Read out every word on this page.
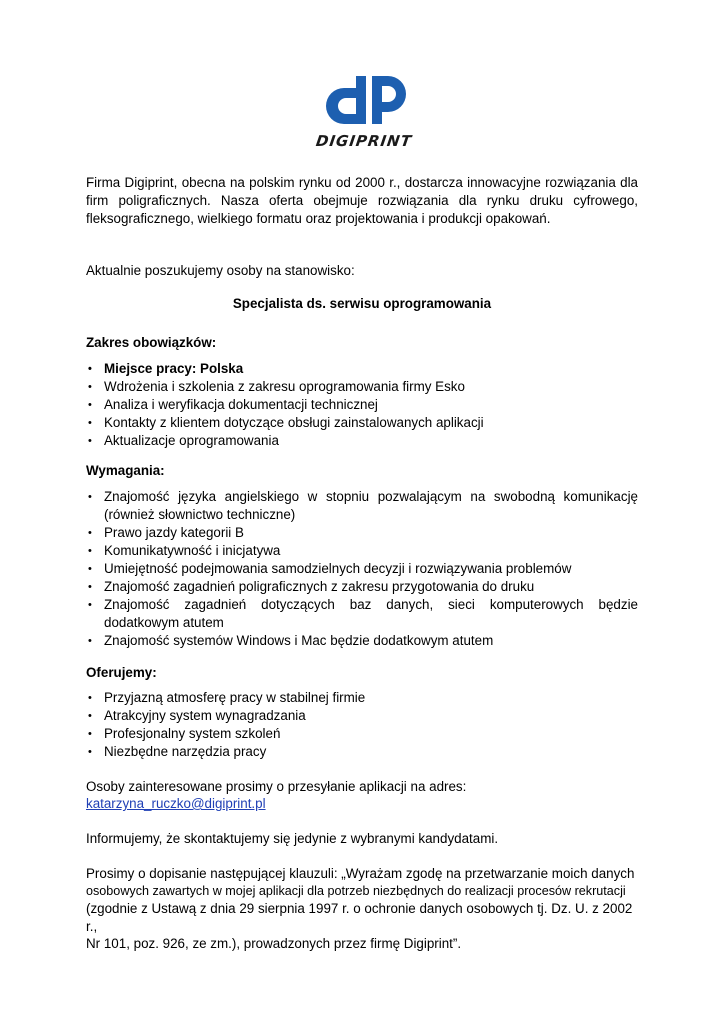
DIGIPRINT
Firma Digiprint, obecna na polskim rynku od 2000 r., dostarcza innowacyjne rozwiązania dla firm poligraficznych. Nasza oferta obejmuje rozwiązania dla rynku druku cyfrowego, fleksograficznego, wielkiego formatu oraz projektowania i produkcji opakowań.
Aktualnie poszukujemy osoby na stanowisko:
Specjalista ds. serwisu oprogramowania
Zakres obowiązków:
• Miejsce pracy: Polska
• Wdrożenia i szkolenia z zakresu oprogramowania firmy Esko
• Analiza i weryfikacja dokumentacji technicznej
• Kontakty z klientem dotyczące obsługi zainstalowanych aplikacji
• Aktualizacje oprogramowania
Wymagania:
• Znajomość języka angielskiego w stopniu pozwalającym na swobodną komunikację (również słownictwo techniczne)
• Prawo jazdy kategorii B
• Komunikatywność i inicjatywa
• Umiejętność podejmowania samodzielnych decyzji i rozwiązywania problemów
• Znajomość zagadnień poligraficznych z zakresu przygotowania do druku
• Znajomość zagadnień dotyczących baz danych, sieci komputerowych będzie dodatkowym atutem
• Znajomość systemów Windows i Mac będzie dodatkowym atutem
Oferujemy:
• Przyjazną atmosferę pracy w stabilnej firmie
• Atrakcyjny system wynagradzania
• Profesjonalny system szkoleń
• Niezbędne narzędzia pracy
Osoby zainteresowane prosimy o przesyłanie aplikacji na adres:
katarzyna_ruczko@digiprint.pl
Informujemy, że skontaktujemy się jedynie z wybranymi kandydatami.
Prosimy o dopisanie następującej klauzuli: „Wyrażam zgodę na przetwarzanie moich danych
osobowych zawartych w mojej aplikacji dla potrzeb niezbędnych do realizacji procesów rekrutacji
(zgodnie z Ustawą z dnia 29 sierpnia 1997 r. o ochronie danych osobowych tj. Dz. U. z 2002 r.,
Nr 101, poz. 926, ze zm.), prowadzonych przez firmę Digiprint”.
